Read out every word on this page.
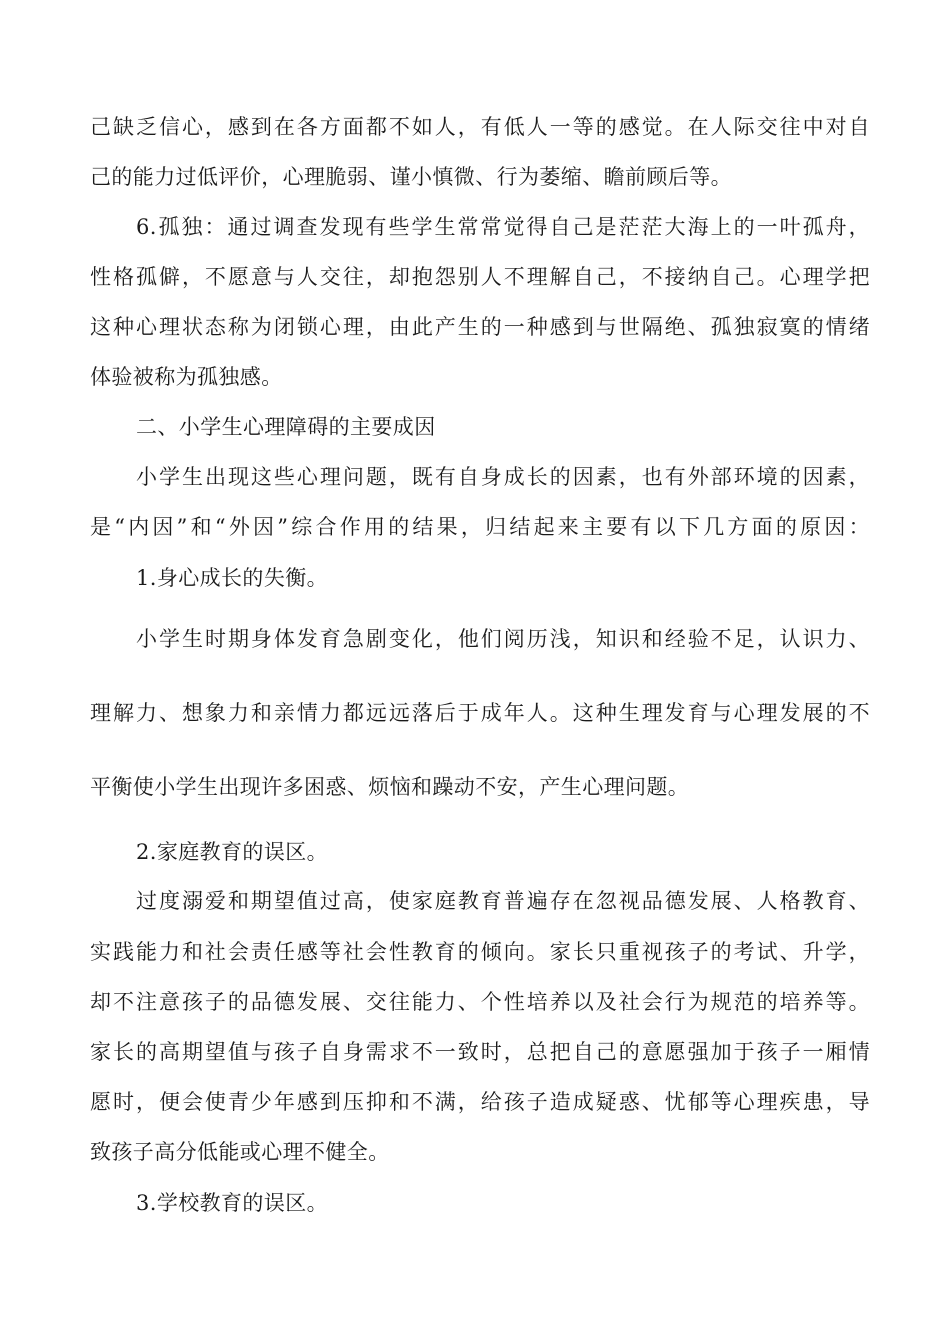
己缺乏信心，感到在各方面都不如人，有低人一等的感觉。在人际交往中对自
己的能力过低评价，心理脆弱、谨小慎微、行为萎缩、瞻前顾后等。
6.孤独：通过调查发现有些学生常常觉得自己是茫茫大海上的一叶孤舟，
性格孤僻，不愿意与人交往，却抱怨别人不理解自己，不接纳自己。心理学把
这种心理状态称为闭锁心理，由此产生的一种感到与世隔绝、孤独寂寞的情绪
体验被称为孤独感。
二、小学生心理障碍的主要成因
小学生出现这些心理问题，既有自身成长的因素，也有外部环境的因素，
是“内因”和“外因”综合作用的结果，归结起来主要有以下几方面的原因：
1.身心成长的失衡。
小学生时期身体发育急剧变化，他们阅历浅，知识和经验不足，认识力、
理解力、想象力和亲情力都远远落后于成年人。这种生理发育与心理发展的不
平衡使小学生出现许多困惑、烦恼和躁动不安，产生心理问题。
2.家庭教育的误区。
过度溺爱和期望值过高，使家庭教育普遍存在忽视品德发展、人格教育、
实践能力和社会责任感等社会性教育的倾向。家长只重视孩子的考试、升学，
却不注意孩子的品德发展、交往能力、个性培养以及社会行为规范的培养等。
家长的高期望值与孩子自身需求不一致时，总把自己的意愿强加于孩子一厢情
愿时，便会使青少年感到压抑和不满，给孩子造成疑惑、忧郁等心理疾患，导
致孩子高分低能或心理不健全。
3.学校教育的误区。
